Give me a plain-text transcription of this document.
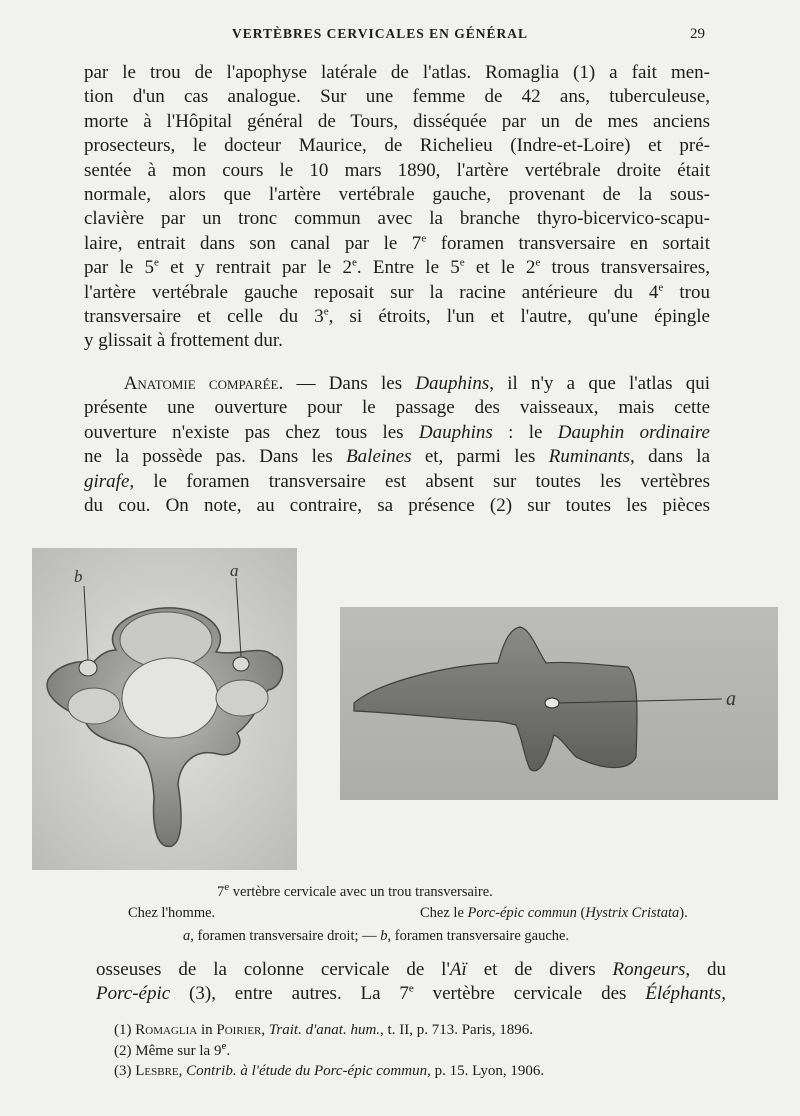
VERTÈBRES CERVICALES EN GÉNÉRAL	29

par le trou de l'apophyse latérale de l'atlas. Romaglia (1) a fait men-
tion d'un cas analogue. Sur une femme de 42 ans, tuberculeuse,
morte à l'Hôpital général de Tours, disséquée par un de mes anciens
prosecteurs, le docteur Maurice, de Richelieu (Indre-et-Loire) et pré-
sentée à mon cours le 10 mars 1890, l'artère vertébrale droite était
normale, alors que l'artère vertébrale gauche, provenant de la sous-
clavière par un tronc commun avec la branche thyro-bicervico-scapu-
laire, entrait dans son canal par le 7e foramen transversaire en sortait
par le 5e et y rentrait par le 2e. Entre le 5e et le 2e trous transversaires,
l'artère vertébrale gauche reposait sur la racine antérieure du 4e trou
transversaire et celle du 3e, si étroits, l'un et l'autre, qu'une épingle
y glissait à frottement dur.

Anatomie comparée. — Dans les Dauphins, il n'y a que l'atlas qui
présente une ouverture pour le passage des vaisseaux, mais cette
ouverture n'existe pas chez tous les Dauphins : le Dauphin ordinaire
ne la possède pas. Dans les Baleines et, parmi les Ruminants, dans la
girafe, le foramen transversaire est absent sur toutes les vertèbres
du cou. On note, au contraire, sa présence (2) sur toutes les pièces

b	a
a

7e vertèbre cervicale avec un trou transversaire.

Chez l'homme.	Chez le Porc-épic commun (Hystrix Cristata).
a, foramen transversaire droit; — b, foramen transversaire gauche.

osseuses de la colonne cervicale de l'Aï et de divers Rongeurs, du
Porc-épic (3), entre autres. La 7e vertèbre cervicale des Éléphants,

(1) Romaglia in Poirier, Trait. d'anat. hum., t. II, p. 713. Paris, 1896.

(2) Même sur la 9e.

(3) Lesbre, Contrib. à l'étude du Porc-épic commun, p. 15. Lyon, 1906.
